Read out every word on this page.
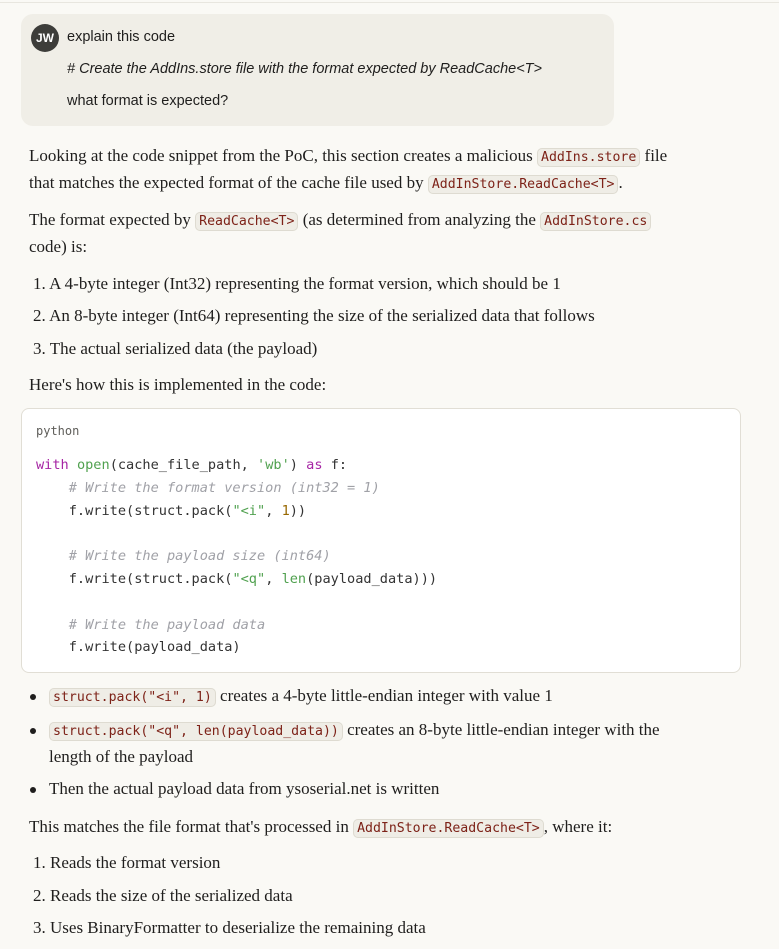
JW explain this code
# Create the AddIns.store file with the format expected by ReadCache<T>
what format is expected?

Looking at the code snippet from the PoC, this section creates a malicious AddIns.store file

that matches the expected format of the cache file used by AddInStore.ReadCache<T> .

The format expected by ReadCache<T> (as determined from analyzing the AddInStore.cs

code) is:

1. A 4-byte integer (Int32) representing the format version, which should be 1
2. An 8-byte integer (Int64) representing the size of the serialized data that follows
3. The actual serialized data (the payload)

Here's how this is implemented in the code:

python
with open(cache_file_path, 'wb') as f:
# Write the format version (int32 = 1)
f.write(struct.pack("<i", 1))

# Write the payload size (int64)
f.write(struct.pack("<q", len(payload_data)))

# Write the payload data
f.write(payload_data)
struct.pack("<i", 1) creates a 4-byte little-endian integer with value 1
struct.pack("<q", len(payload_data)) creates an 8-byte little-endian integer with the
length of the payload
Then the actual payload data from ysoserial.net is written

This matches the file format that's processed in AddInStore.ReadCache<T> , where it:

1. Reads the format version
2. Reads the size of the serialized data
3. Uses BinaryFormatter to deserialize the remaining data
